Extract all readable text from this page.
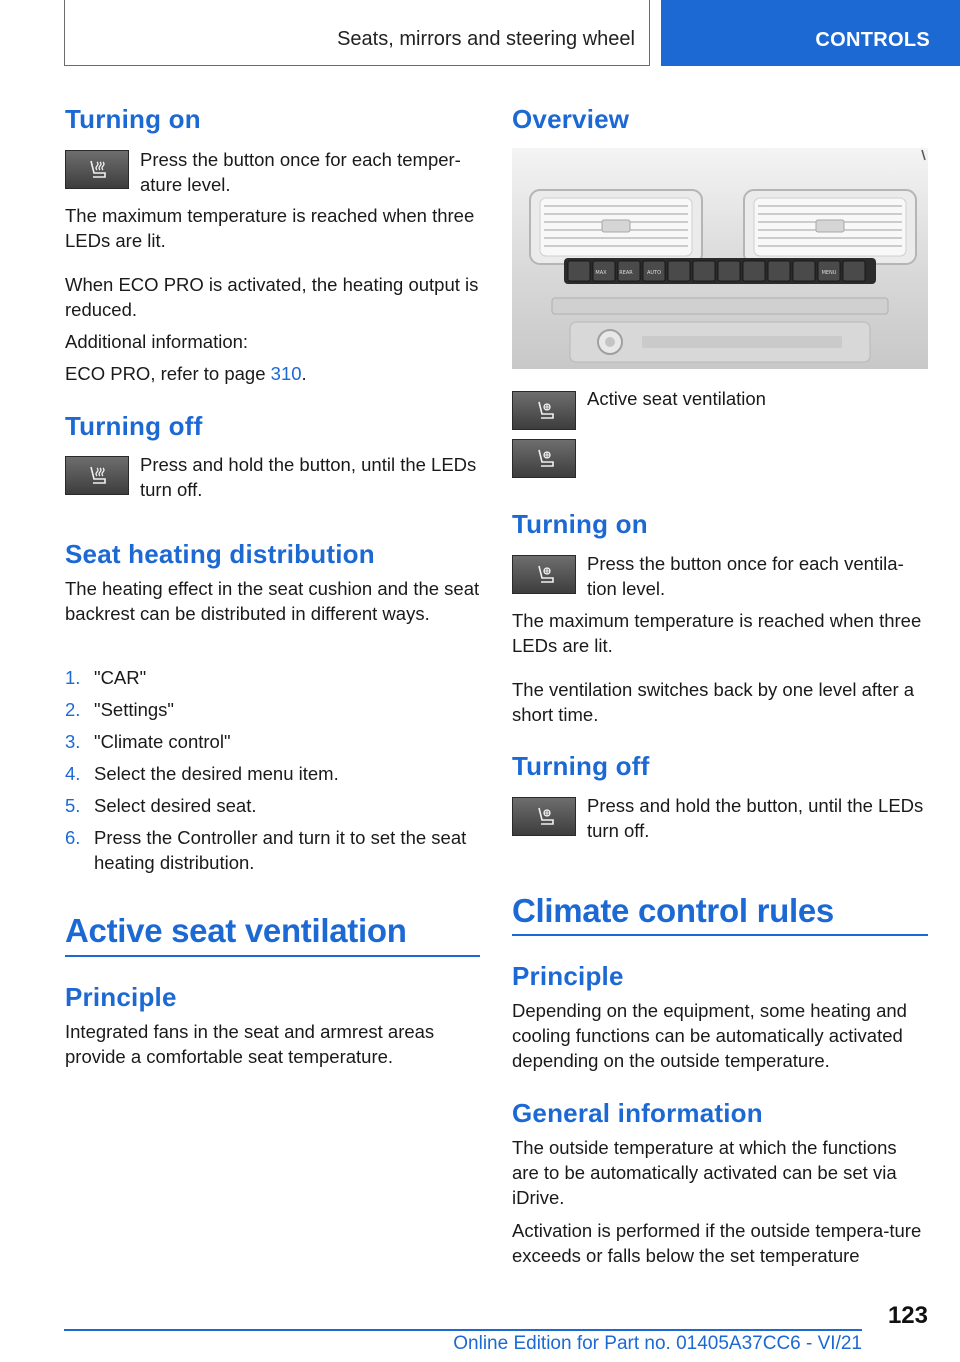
Seats, mirrors and steering wheel	CONTROLS
Turning on

Press the button once for each temper-ature level.

The maximum temperature is reached when three LEDs are lit.

When ECO PRO is activated, the heating output is reduced.

Additional information:

ECO PRO, refer to page 310.

Turning off

Press and hold the button, until the LEDs turn off.

Seat heating distribution

The heating effect in the seat cushion and the seat backrest can be distributed in different ways.

1. "CAR"
2. "Settings"
3. "Climate control"
4. Select the desired menu item.
5. Select desired seat.
6. Press the Controller and turn it to set the seat heating distribution.
Active seat ventilation
Principle

Integrated fans in the seat and armrest areas provide a comfortable seat temperature.

Overview
MAX	REAR	AUTO	MENU

Active seat ventilation

Turning on

Press the button once for each ventila-tion level.

The maximum temperature is reached when three LEDs are lit.

The ventilation switches back by one level after a short time.

Turning off

Press and hold the button, until the LEDs turn off.

Climate control rules
Principle

Depending on the equipment, some heating and cooling functions can be automatically activated depending on the outside temperature.

General information

The outside temperature at which the functions are to be automatically activated can be set via iDrive.

Activation is performed if the outside tempera-ture exceeds or falls below the set temperature

123
Online Edition for Part no. 01405A37CC6 - VI/21
